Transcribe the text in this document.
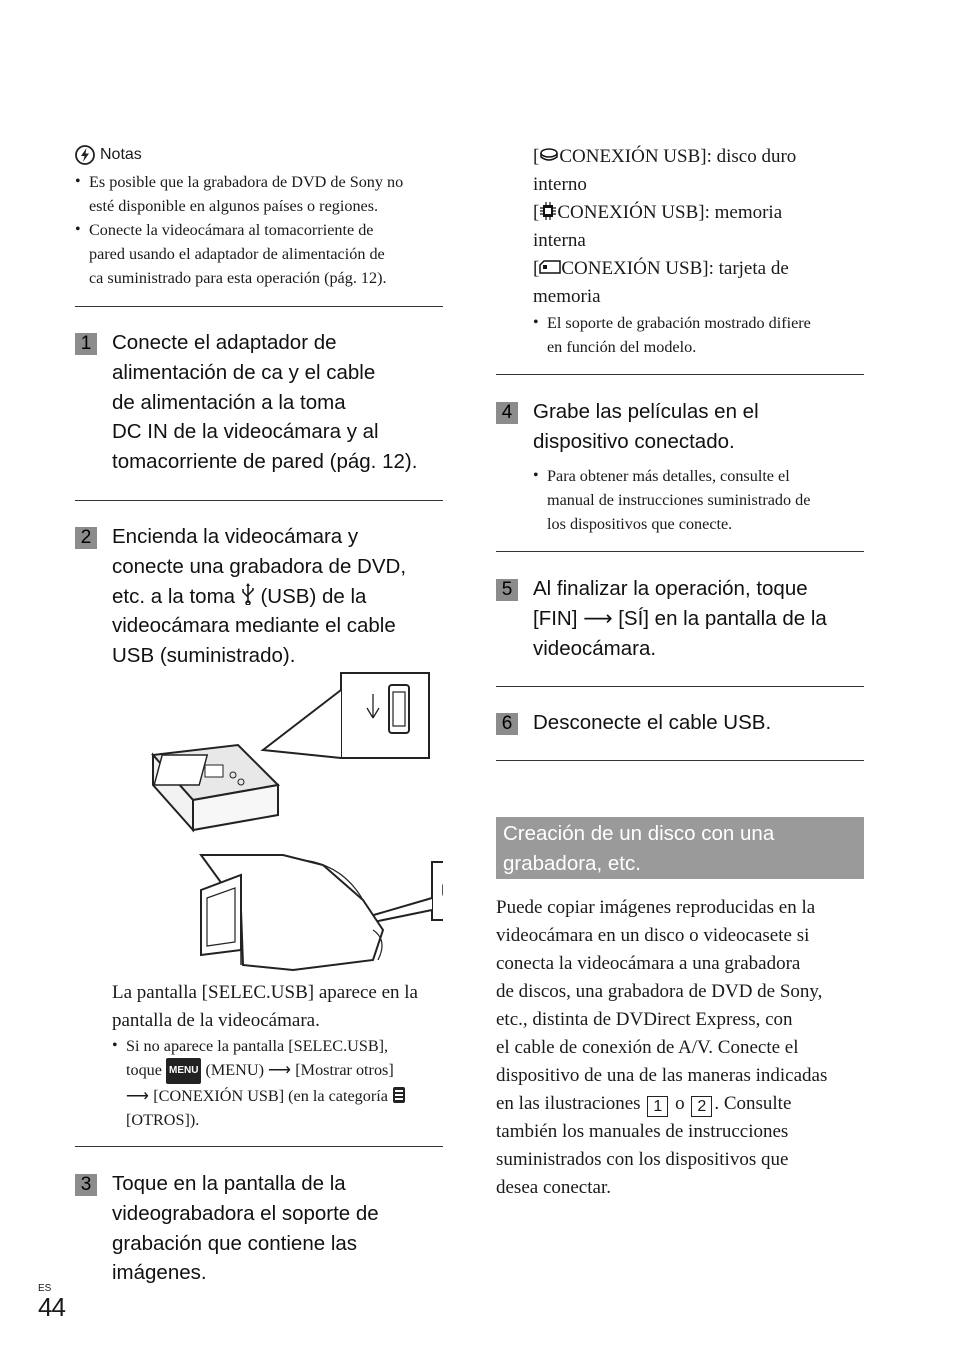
Notas
• Es posible que la grabadora de DVD de Sony no
esté disponible en algunos países o regiones.
• Conecte la videocámara al tomacorriente de
pared usando el adaptador de alimentación de
ca suministrado para esta operación (pág. 12).
1 Conecte el adaptador de
alimentación de ca y el cable
de alimentación a la toma
DC IN de la videocámara y al
tomacorriente de pared (pág. 12).
2 Encienda la videocámara y
conecte una grabadora de DVD,
etc. a la toma (USB) de la
videocámara mediante el cable
USB (suministrado).
La pantalla [SELEC.USB] aparece en la
pantalla de la videocámara.
• Si no aparece la pantalla [SELEC.USB],
toque MENU (MENU) ⟶ [Mostrar otros]
⟶ [CONEXIÓN USB] (en la categoría
[OTROS]).
3 Toque en la pantalla de la
videograbadora el soporte de
grabación que contiene las
imágenes.
[ CONEXIÓN USB]: disco duro
interno
[ CONEXIÓN USB]: memoria
interna
[ CONEXIÓN USB]: tarjeta de
memoria
• El soporte de grabación mostrado difiere
en función del modelo.
4 Grabe las películas en el
dispositivo conectado.
• Para obtener más detalles, consulte el
manual de instrucciones suministrado de
los dispositivos que conecte.
5 Al finalizar la operación, toque
[FIN] ⟶ [SÍ] en la pantalla de la
videocámara.
6 Desconecte el cable USB.
Creación de un disco con una
grabadora, etc.
Puede copiar imágenes reproducidas en la
videocámara en un disco o videocasete si
conecta la videocámara a una grabadora
de discos, una grabadora de DVD de Sony,
etc., distinta de DVDirect Express, con
el cable de conexión de A/V. Conecte el
dispositivo de una de las maneras indicadas
en las ilustraciones 1 o 2 . Consulte
también los manuales de instrucciones
suministrados con los dispositivos que
desea conectar.
ES
44
